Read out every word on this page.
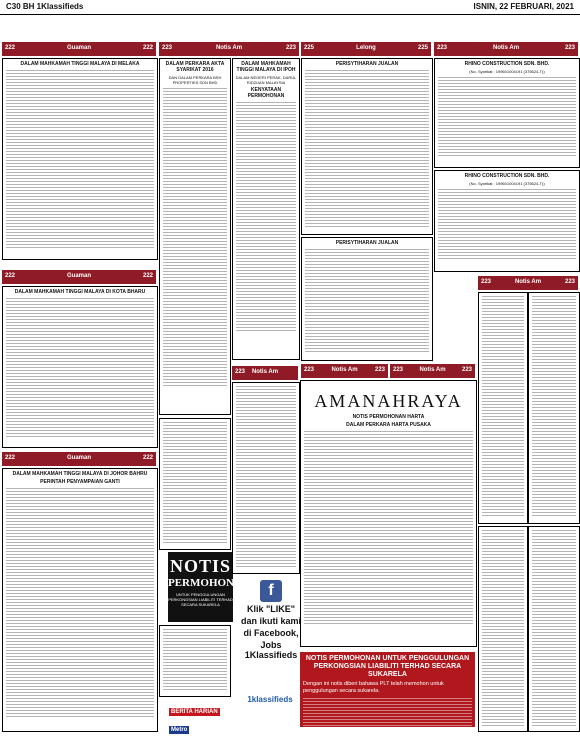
C30 BH 1Klassifieds	ISNIN, 22 FEBRUARI, 2021
222	Guaman	222 223	Notis Am	223 225	Lelong	225 223	Notis Am	223
DALAM MAHKAMAH TINGGI MALAYA DI MELAKA
222	Guaman	222
DALAM MAHKAMAH TINGGI MALAYA DI KOTA BHARU
222	Guaman	222
DALAM MAHKAMAH TINGGI MALAYA DI JOHOR BAHRU
PERINTAH PENYAMPAIAN GANTI
DALAM PERKARA AKTA SYARIKAT 2016
DAN DALAM PERKARA BSH PROPERTIES SDN BHD
NOTIS
PERMOHONAN
UNTUK PENGGULUNGAN PERKONGSIAN LIABILITI TERHAD SECARA SUKARELA
BERITA HARIAN Metro
DALAM MAHKAMAH TINGGI MALAYA DI IPOH
DALAM NEGERI PERAK, DARUL RIDZUAN MALAYSIA
KENYATAAN PERMOHONAN
223	Notis Am
f
Klik "LIKE"
dan ikuti kami
di Facebook,
Jobs 1Klassifieds
1klassifieds
PERISYTIHARAN JUALAN
PERISYTIHARAN JUALAN
223	Notis Am	223 223	Notis Am	223
AMANAHRAYA
NOTIS PERMOHONAN HARTA
DALAM PERKARA HARTA PUSAKA
NOTIS PERMOHONAN UNTUK PENGGULUNGAN PERKONGSIAN LIABILITI TERHAD SECARA SUKARELA
Dengan ini notis diberi bahawa PLT telah memohon untuk penggulungan secara sukarela.
RHINO CONSTRUCTION SDN. BHD.
(No. Syarikat : 199601004191 (375624-T))
RHINO CONSTRUCTION SDN. BHD.
(No. Syarikat : 199601004191 (375624-T))
223	Notis Am	223
